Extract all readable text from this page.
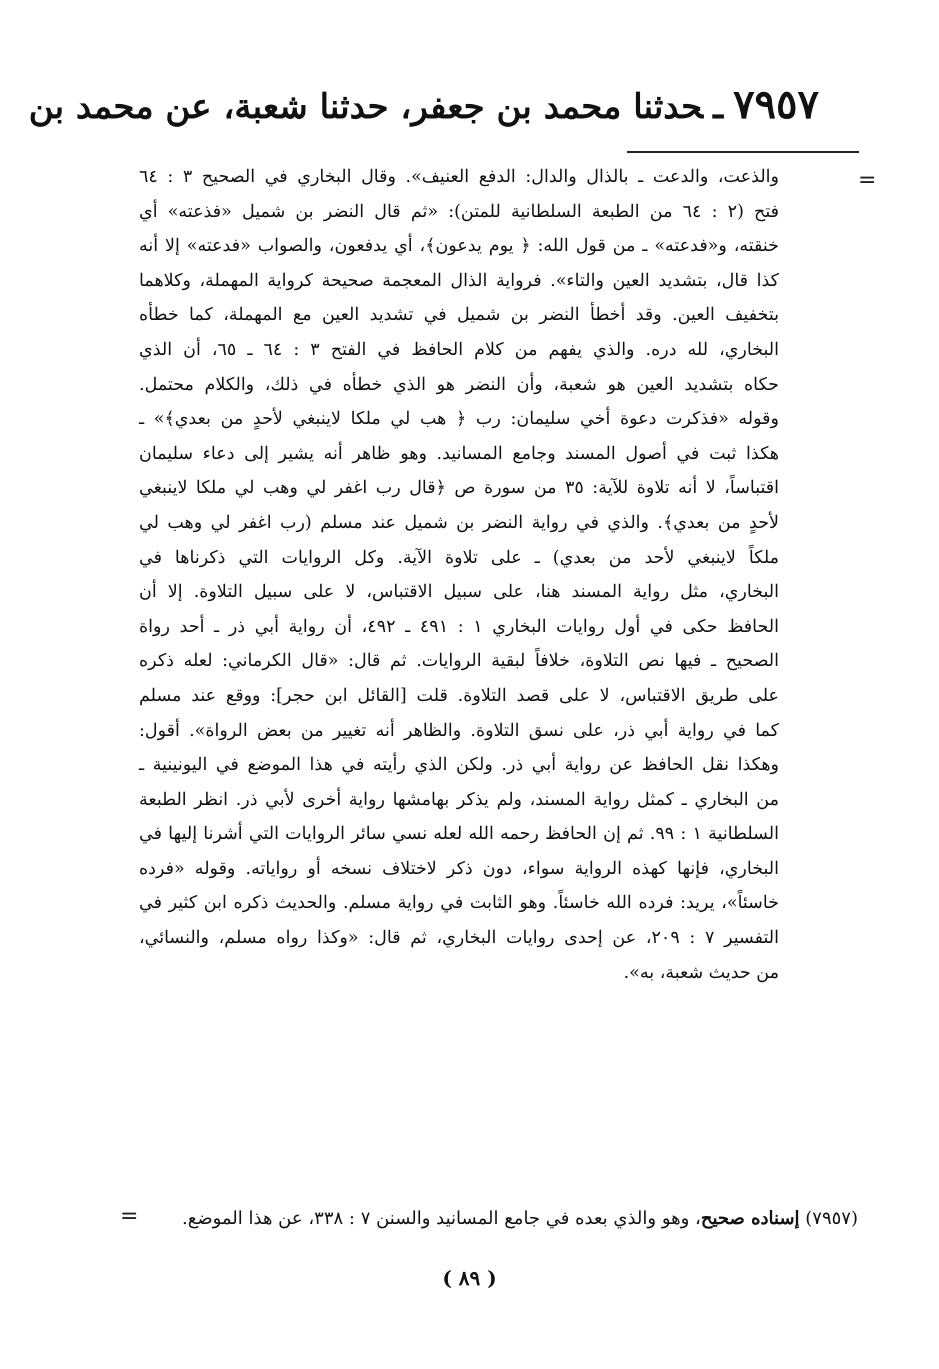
٧٩٥٧ـحدثنا محمد بن جعفر، حدثنا شعبة، عن محمد بن
=
والذعت، والدعت ـ بالذال والدال: الدفع العنيف». وقال البخاري في الصحيح ٣ : ٦٤
فتح (٢ : ٦٤ من الطبعة السلطانية للمتن): «ثم قال النضر بن شميل «فذعته» أي
خنقته، و«فدعته» ـ من قول الله: ﴿ يوم يدعون﴾، أي يدفعون، والصواب «فدعته» إلا أنه
كذا قال، بتشديد العين والتاء». فرواية الذال المعجمة صحيحة كرواية المهملة، وكلاهما
بتخفيف العين. وقد أخطأ النضر بن شميل في تشديد العين مع المهملة، كما خطأه
البخاري، لله دره. والذي يفهم من كلام الحافظ في الفتح ٣ : ٦٤ ـ ٦٥، أن الذي
حكاه بتشديد العين هو شعبة، وأن النضر هو الذي خطأه في ذلك، والكلام محتمل.
وقوله «فذكرت دعوة أخي سليمان: رب ﴿ هب لي ملكا لاينبغي لأحدٍ من بعدي﴾» ـ
هكذا ثبت في أصول المسند وجامع المسانيد. وهو ظاهر أنه يشير إلى دعاء سليمان
اقتباساً، لا أنه تلاوة للآية: ٣٥ من سورة ص ﴿قال رب اغفر لي وهب لي ملكا لاينبغي
لأحدٍ من بعدي﴾. والذي في رواية النضر بن شميل عند مسلم (رب اغفر لي وهب لي
ملكاً لاينبغي لأحد من بعدي) ـ على تلاوة الآية. وكل الروايات التي ذكرناها في
البخاري، مثل رواية المسند هنا، على سبيل الاقتباس، لا على سبيل التلاوة. إلا أن
الحافظ حكى في أول روايات البخاري ١ : ٤٩١ ـ ٤٩٢، أن رواية أبي ذر ـ أحد رواة
الصحيح ـ فيها نص التلاوة، خلافاً لبقية الروايات. ثم قال: «قال الكرماني: لعله ذكره
على طريق الاقتباس، لا على قصد التلاوة. قلت [القائل ابن حجر]: ووقع عند مسلم
كما في رواية أبي ذر، على نسق التلاوة. والظاهر أنه تغيير من بعض الرواة». أقول:
وهكذا نقل الحافظ عن رواية أبي ذر. ولكن الذي رأيته في هذا الموضع في اليونينية ـ
من البخاري ـ كمثل رواية المسند، ولم يذكر بهامشها رواية أخرى لأبي ذر. انظر الطبعة
السلطانية ١ : ٩٩. ثم إن الحافظ رحمه الله لعله نسي سائر الروايات التي أشرنا إليها في
البخاري، فإنها كهذه الرواية سواء، دون ذكر لاختلاف نسخه أو رواياته. وقوله «فرده
خاسئاً»، يريد: فرده الله خاسئاً. وهو الثابت في رواية مسلم. والحديث ذكره ابن كثير في
التفسير ٧ : ٢٠٩، عن إحدى روايات البخاري، ثم قال: «وكذا رواه مسلم، والنسائي،
من حديث شعبة، به».
=	(٧٩٥٧) إسناده صحيح، وهو والذي بعده في جامع المسانيد والسنن ٧ : ٣٣٨، عن هذا الموضع.
( ٨٩ )
